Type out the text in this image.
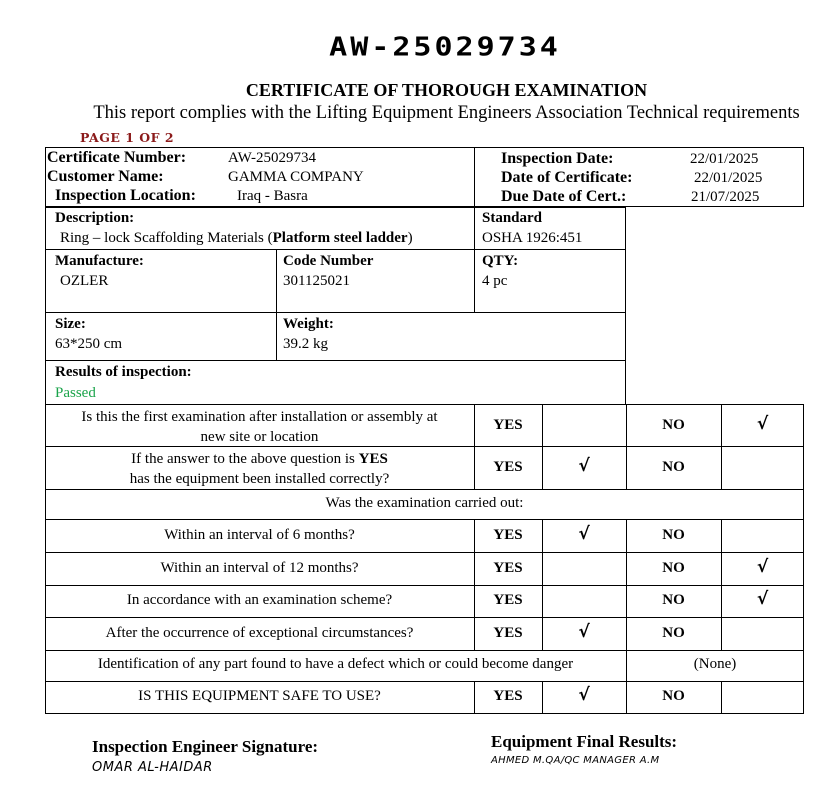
AW-25029734
CERTIFICATE OF THOROUGH EXAMINATION
This report complies with the Lifting Equipment Engineers Association Technical requirements
PAGE 1 OF 2
Certificate Number:	AW-25029734
Customer Name:	GAMMA COMPANY
Inspection Location:	Iraq - Basra
Inspection Date:	22/01/2025
Date of Certificate:	22/01/2025
Due Date of Cert.:	21/07/2025
Description:
Ring – lock Scaffolding Materials (Platform steel ladder)
Standard
OSHA 1926:451
Manufacture:
OZLER
Code Number
301125021
QTY:
4 pc
Size:
63*250 cm
Weight:
39.2 kg
Results of inspection:
Passed
Is this the first examination after installation or assembly at
new site or location
YES	NO	√
If the answer to the above question is YES
has the equipment been installed correctly?
YES	√	NO
Was the examination carried out:
Within an interval of 6 months?	YES	√	NO
Within an interval of 12 months?	YES	NO	√
In accordance with an examination scheme?	YES	NO	√
After the occurrence of exceptional circumstances?	YES	√	NO
Identification of any part found to have a defect which or could become danger	(None)
IS THIS EQUIPMENT SAFE TO USE?	YES	√	NO
Inspection Engineer Signature:
OMAR AL-HAIDAR
Equipment Final Results:
AHMED M.QA/QC MANAGER A.M
